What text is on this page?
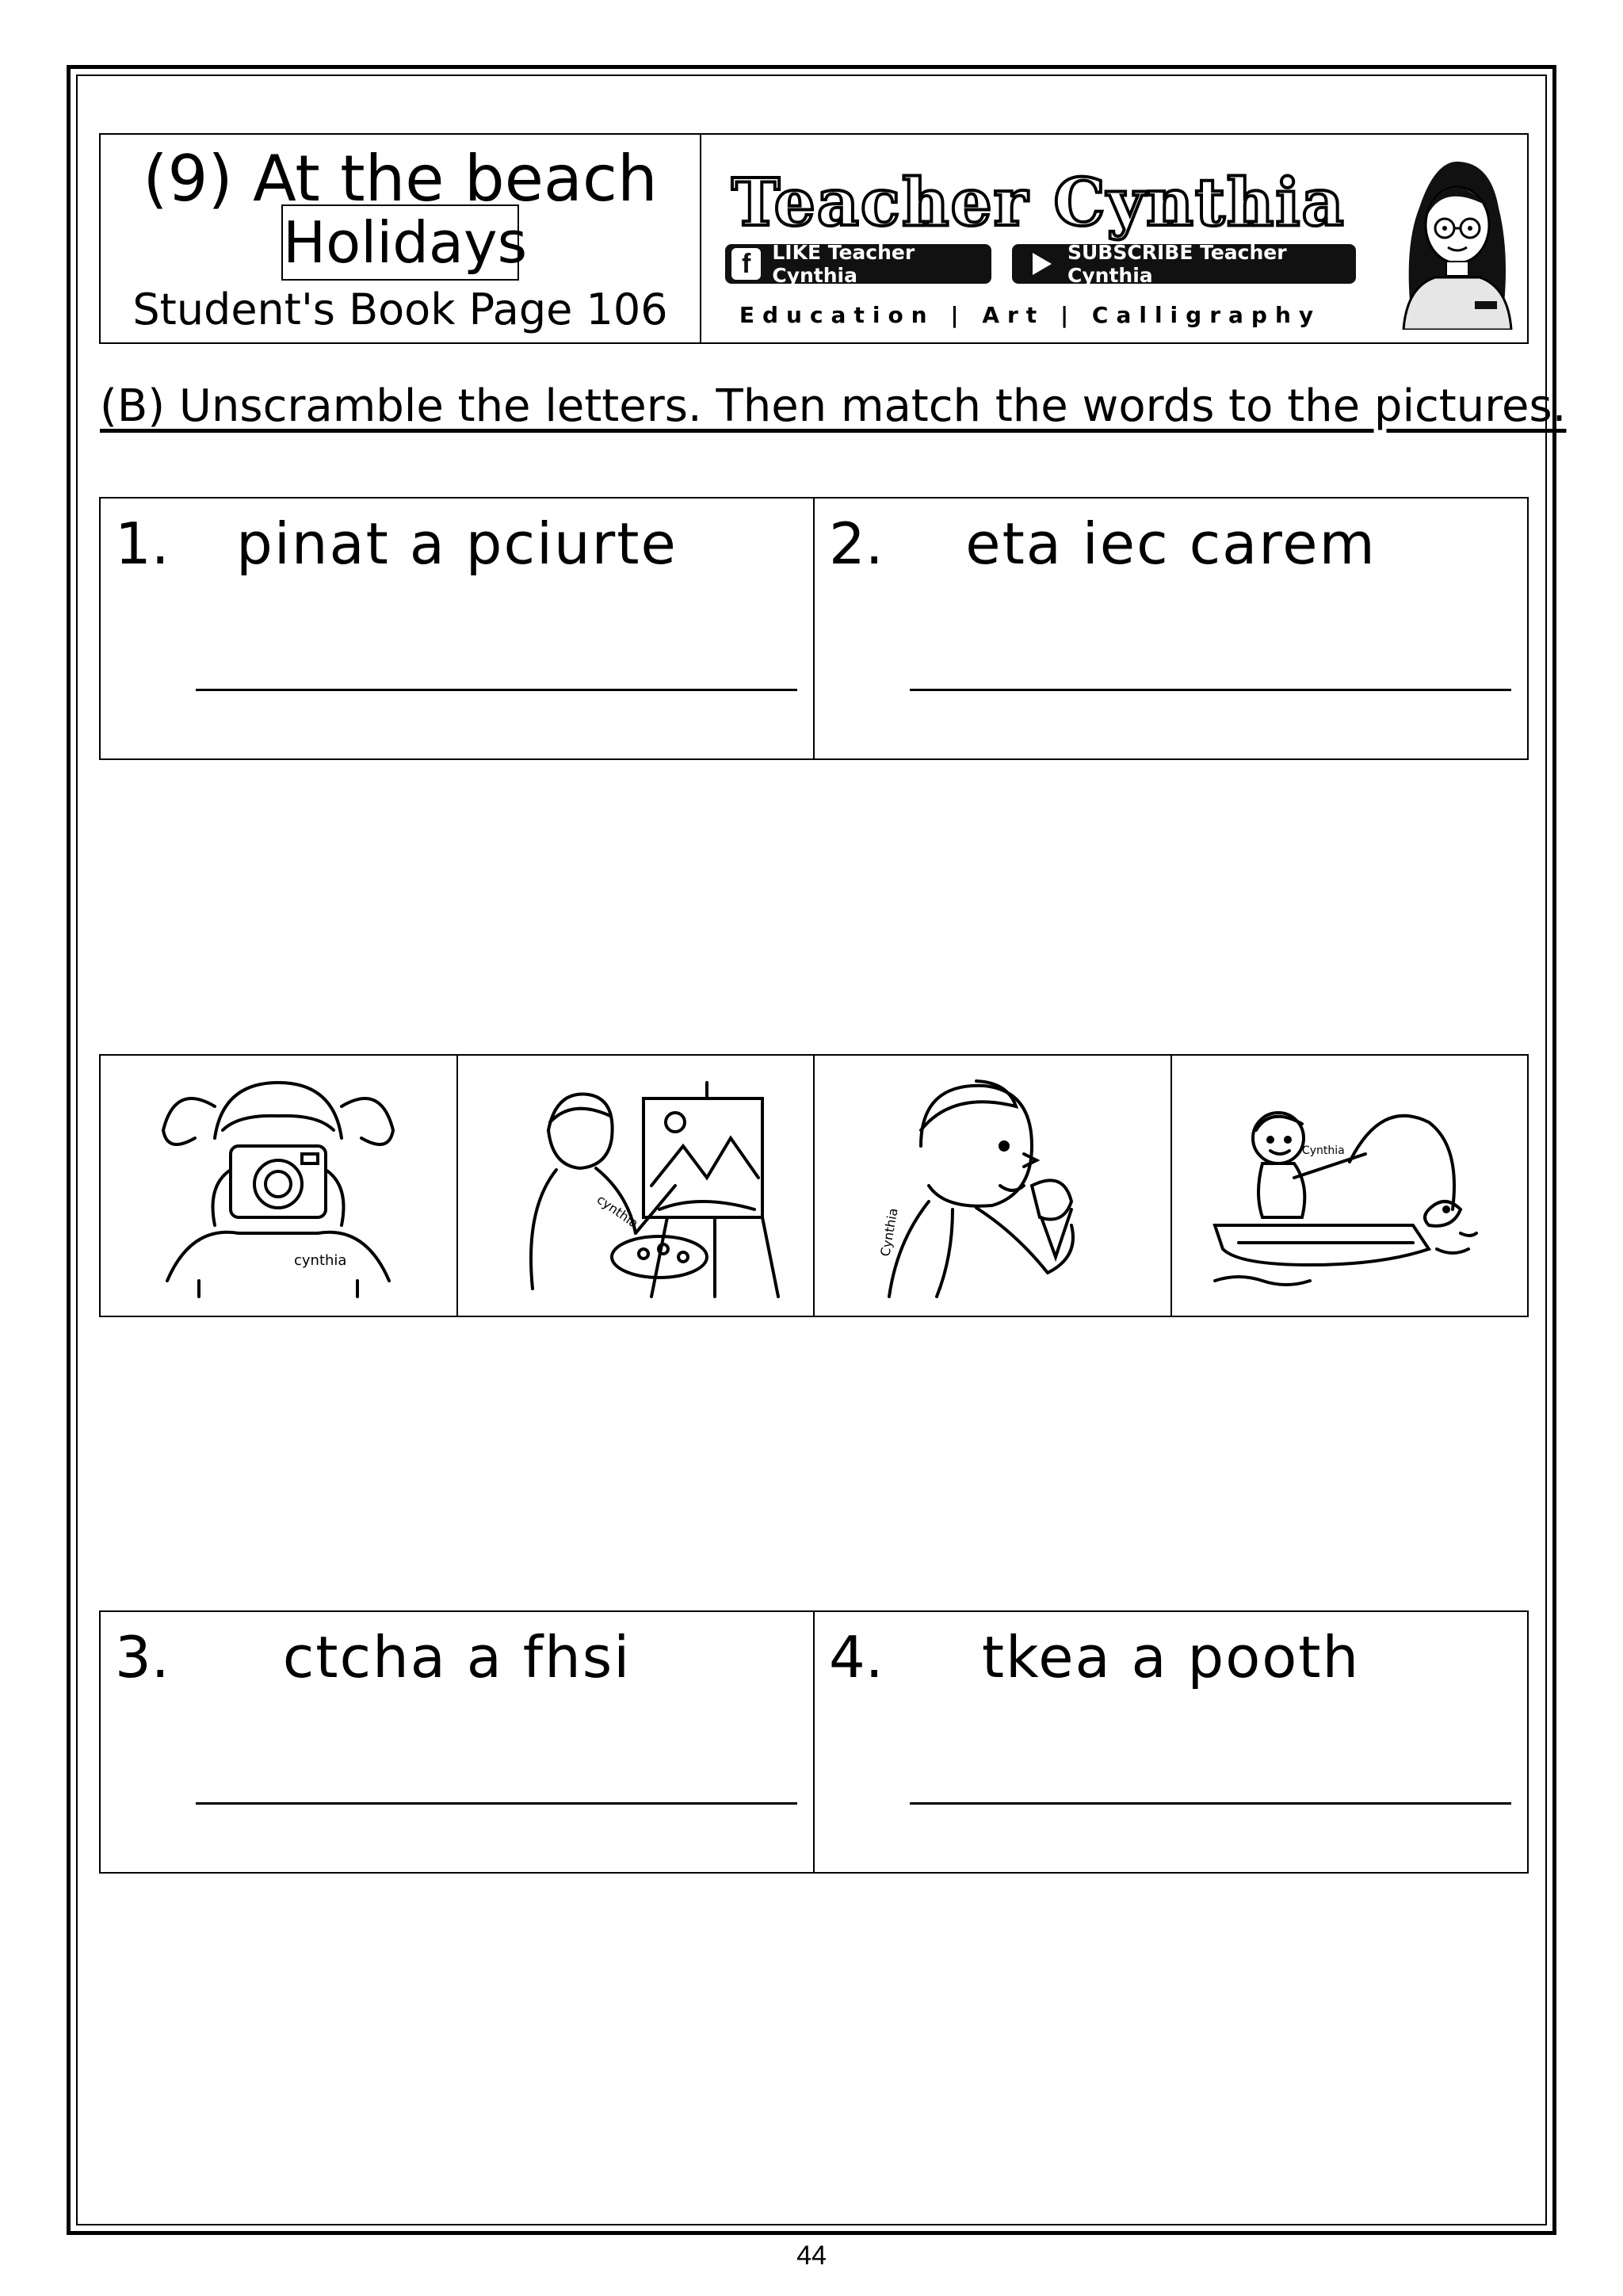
(9) At the beach
Holidays
Student's Book Page 106
Teacher Cynthia
f	LIKE Teacher Cynthia
SUBSCRIBE Teacher Cynthia
Education | Art | Calligraphy
(B) Unscramble the letters. Then match the words to the pictures.
1.	pinat a pciurte	2.	eta iec carem
cynthia
cynthia	Cynthia
Cynthia
3.	ctcha a fhsi	4.	tkea a pooth
44
